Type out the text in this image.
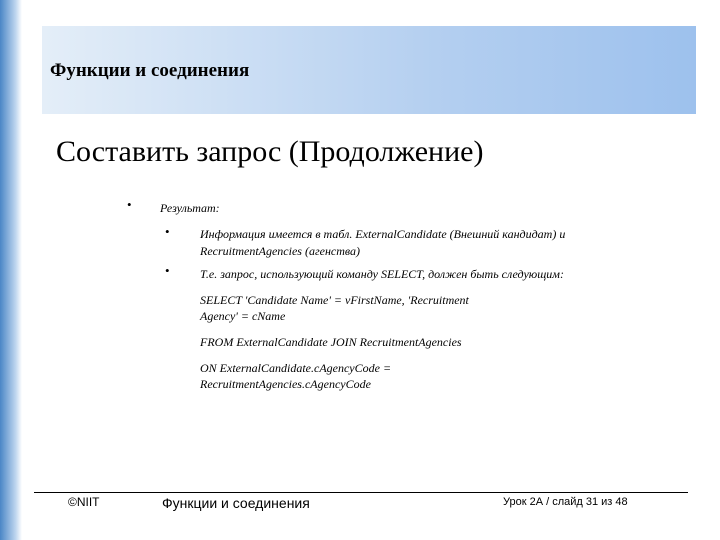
Функции и соединения
Составить запрос (Продолжение)
• Результат:
•	Информация имеется в табл. ExternalCandidate (Внешний кандидат) и
RecruitmentAgencies (агенства)
•	Т.е. запрос, использующий команду SELECT, должен быть следующим:
SELECT 'Candidate Name' = vFirstName, 'Recruitment
Agency' = cName
FROM ExternalCandidate JOIN RecruitmentAgencies
ON ExternalCandidate.cAgencyCode =
RecruitmentAgencies.cAgencyCode
©NIIT	Функции и соединения	Урок 2А / слайд 31 из 48
